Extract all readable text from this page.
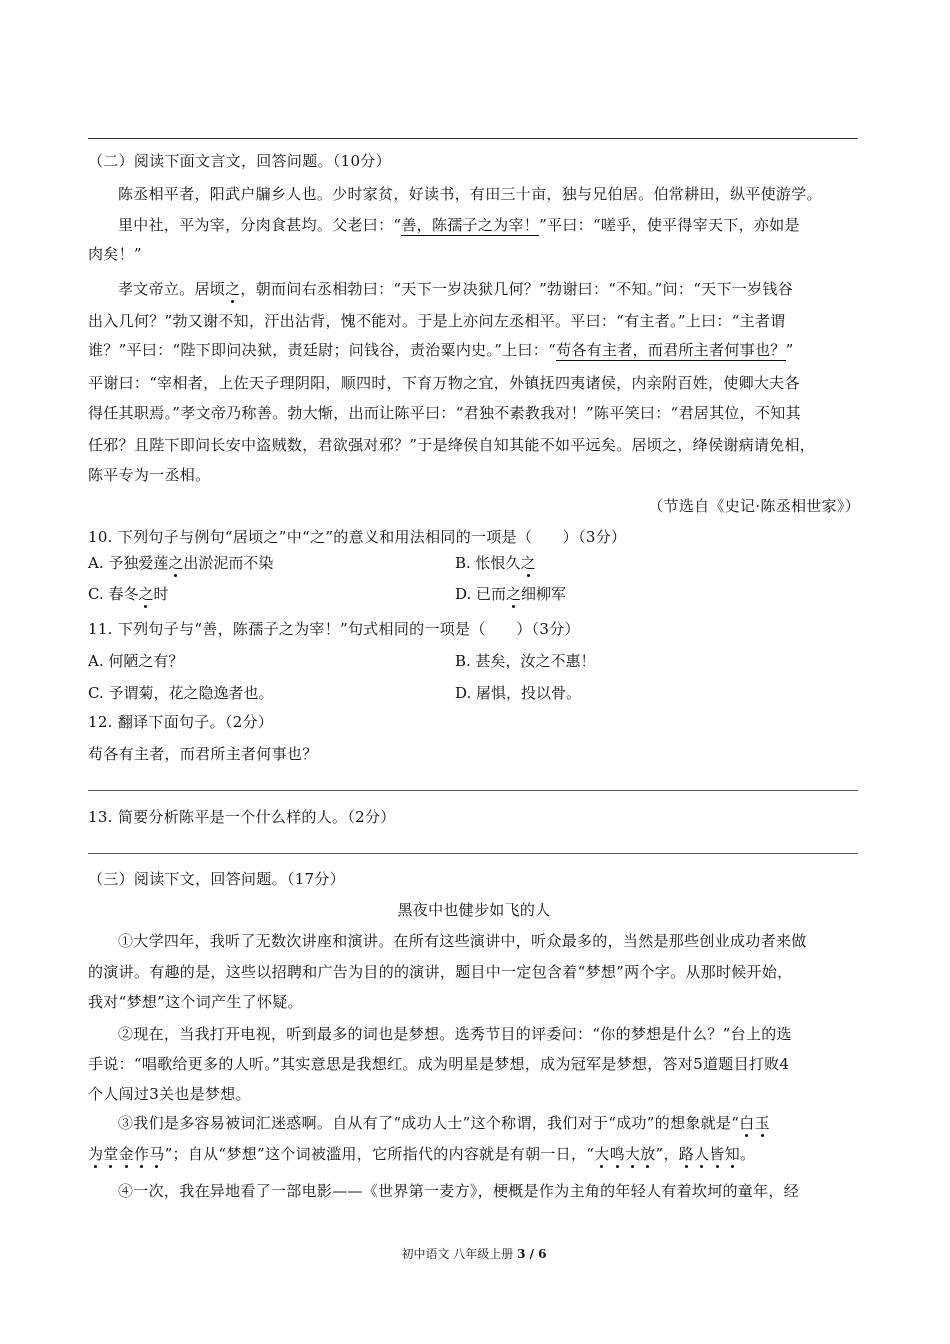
（二）阅读下面文言文，回答问题。（10分）
陈丞相平者，阳武户牖乡人也。少时家贫，好读书，有田三十亩，独与兄伯居。伯常耕田，纵平使游学。
里中社，平为宰，分肉食甚均。父老曰：“善，陈孺子之为宰！”平曰：“嗟乎，使平得宰天下，亦如是
肉矣！”
孝文帝立。居顷之，朝而问右丞相勃曰：“天下一岁决狱几何？”勃谢曰：“不知。”问：“天下一岁钱谷
出入几何？”勃又谢不知，汗出沾背，愧不能对。于是上亦问左丞相平。平曰：“有主者。”上曰：“主者谓
谁？”平曰：“陛下即问决狱，责廷尉；问钱谷，责治粟内史。”上曰：“苟各有主者，而君所主者何事也？”
平谢曰：“宰相者，上佐天子理阴阳，顺四时，下育万物之宜，外镇抚四夷诸侯，内亲附百姓，使卿大夫各
得任其职焉。”孝文帝乃称善。勃大惭，出而让陈平曰：“君独不素教我对！”陈平笑曰：“君居其位，不知其
任邪？且陛下即问长安中盗贼数，君欲强对邪？”于是绛侯自知其能不如平远矣。居顷之，绛侯谢病请免相，
陈平专为一丞相。
（节选自《史记·陈丞相世家》）
10. 下列句子与例句“居顷之”中“之”的意义和用法相同的一项是（　　）（3分）
A. 予独爱莲之出淤泥而不染	B. 怅恨久之
C. 春冬之时	D. 已而之细柳军
11. 下列句子与“善，陈孺子之为宰！”句式相同的一项是（　　）（3分）
A. 何陋之有？	B. 甚矣，汝之不惠！
C. 予谓菊，花之隐逸者也。	D. 屠惧，投以骨。
12. 翻译下面句子。（2分）
苟各有主者，而君所主者何事也？
13. 简要分析陈平是一个什么样的人。（2分）
（三）阅读下文，回答问题。（17分）
黑夜中也健步如飞的人
①大学四年，我听了无数次讲座和演讲。在所有这些演讲中，听众最多的，当然是那些创业成功者来做
的演讲。有趣的是，这些以招聘和广告为目的的演讲，题目中一定包含着“梦想”两个字。从那时候开始，
我对“梦想”这个词产生了怀疑。
②现在，当我打开电视，听到最多的词也是梦想。选秀节目的评委问：“你的梦想是什么？”台上的选
手说：“唱歌给更多的人听。”其实意思是我想红。成为明星是梦想，成为冠军是梦想，答对5道题目打败4
个人闯过3关也是梦想。
③我们是多容易被词汇迷惑啊。自从有了“成功人士”这个称谓，我们对于“成功”的想象就是“白玉
为堂金作马”；自从“梦想”这个词被滥用，它所指代的内容就是有朝一日，“大鸣大放”，路人皆知。
④一次，我在异地看了一部电影——《世界第一麦方》，梗概是作为主角的年轻人有着坎坷的童年，经
初中语文 八年级上册 3 / 6
